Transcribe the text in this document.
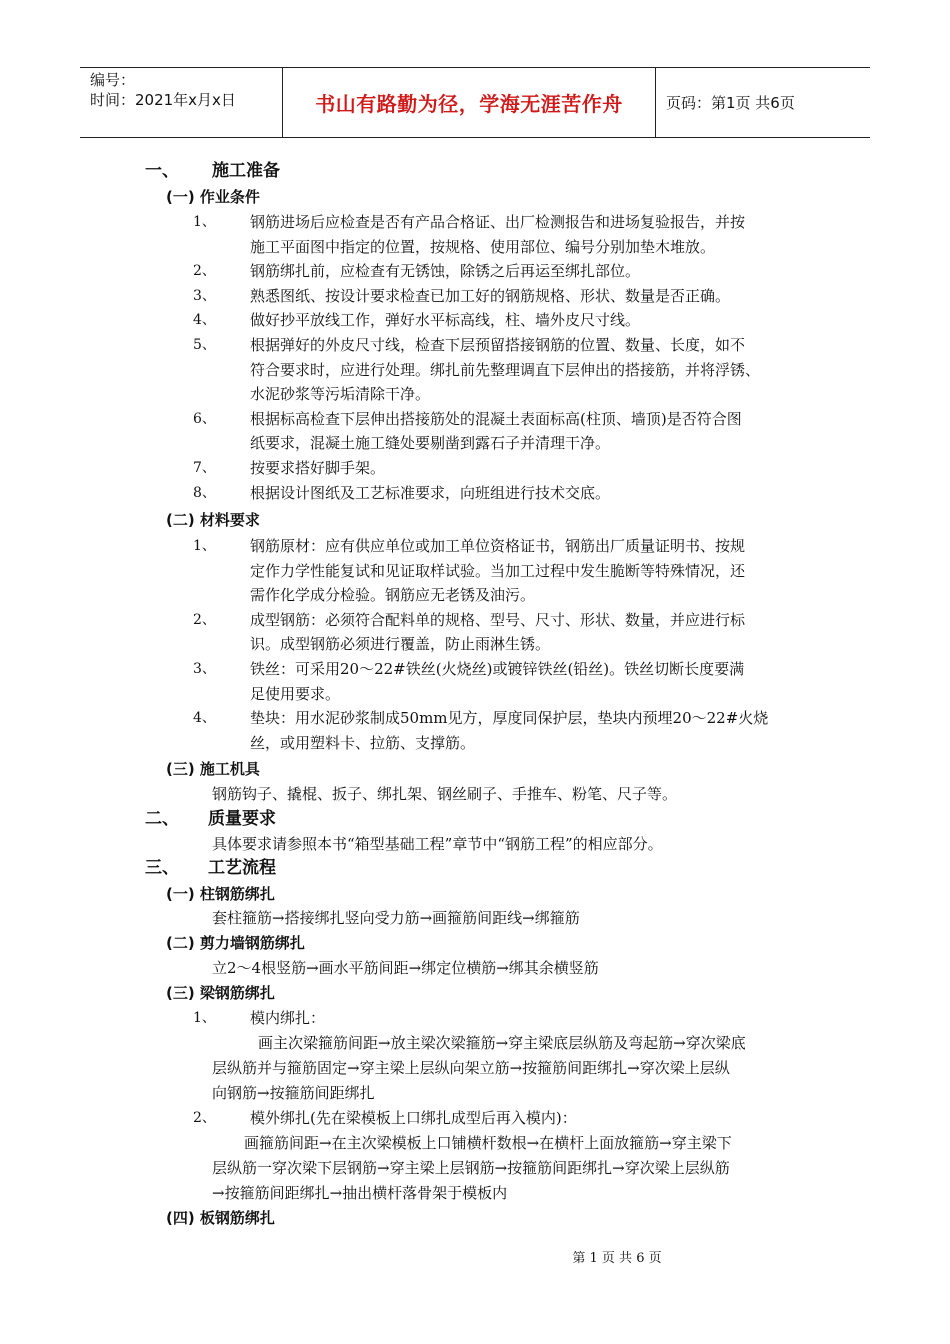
编号：
时间：2021年x月x日	书山有路勤为径，学海无涯苦作舟	页码：第1页 共6页
一、 施工准备
(一) 作业条件
1、 钢筋进场后应检查是否有产品合格证、出厂检测报告和进场复验报告，并按
施工平面图中指定的位置，按规格、使用部位、编号分别加垫木堆放。
2、 钢筋绑扎前，应检查有无锈蚀，除锈之后再运至绑扎部位。
3、 熟悉图纸、按设计要求检查已加工好的钢筋规格、形状、数量是否正确。
4、 做好抄平放线工作，弹好水平标高线，柱、墙外皮尺寸线。
5、 根据弹好的外皮尺寸线，检查下层预留搭接钢筋的位置、数量、长度，如不
符合要求时，应进行处理。绑扎前先整理调直下层伸出的搭接筋，并将浮锈、
水泥砂浆等污垢清除干净。
6、 根据标高检查下层伸出搭接筋处的混凝土表面标高(柱顶、墙顶)是否符合图
纸要求，混凝土施工缝处要剔凿到露石子并清理干净。
7、 按要求搭好脚手架。
8、 根据设计图纸及工艺标准要求，向班组进行技术交底。
(二) 材料要求
1、 钢筋原材：应有供应单位或加工单位资格证书，钢筋出厂质量证明书、按规
定作力学性能复试和见证取样试验。当加工过程中发生脆断等特殊情况，还
需作化学成分检验。钢筋应无老锈及油污。
2、 成型钢筋：必须符合配料单的规格、型号、尺寸、形状、数量，并应进行标
识。成型钢筋必须进行覆盖，防止雨淋生锈。
3、 铁丝：可采用20～22#铁丝(火烧丝)或镀锌铁丝(铅丝)。铁丝切断长度要满
足使用要求。
4、 垫块：用水泥砂浆制成50mm见方，厚度同保护层，垫块内预埋20～22#火烧
丝，或用塑料卡、拉筋、支撑筋。
(三) 施工机具
钢筋钩子、撬棍、扳子、绑扎架、钢丝刷子、手推车、粉笔、尺子等。
二、 质量要求
具体要求请参照本书“箱型基础工程”章节中“钢筋工程”的相应部分。
三、 工艺流程
(一) 柱钢筋绑扎
套柱箍筋→搭接绑扎竖向受力筋→画箍筋间距线→绑箍筋
(二) 剪力墙钢筋绑扎
立2～4根竖筋→画水平筋间距→绑定位横筋→绑其余横竖筋
(三) 梁钢筋绑扎
1、 模内绑扎：
画主次梁箍筋间距→放主梁次梁箍筋→穿主梁底层纵筋及弯起筋→穿次梁底
层纵筋并与箍筋固定→穿主梁上层纵向架立筋→按箍筋间距绑扎→穿次梁上层纵
向钢筋→按箍筋间距绑扎
2、 模外绑扎(先在梁模板上口绑扎成型后再入模内)：
画箍筋间距→在主次梁模板上口铺横杆数根→在横杆上面放箍筋→穿主梁下
层纵筋一穿次梁下层钢筋→穿主梁上层钢筋→按箍筋间距绑扎→穿次梁上层纵筋
→按箍筋间距绑扎→抽出横杆落骨架于模板内
(四) 板钢筋绑扎
第 1 页 共 6 页
